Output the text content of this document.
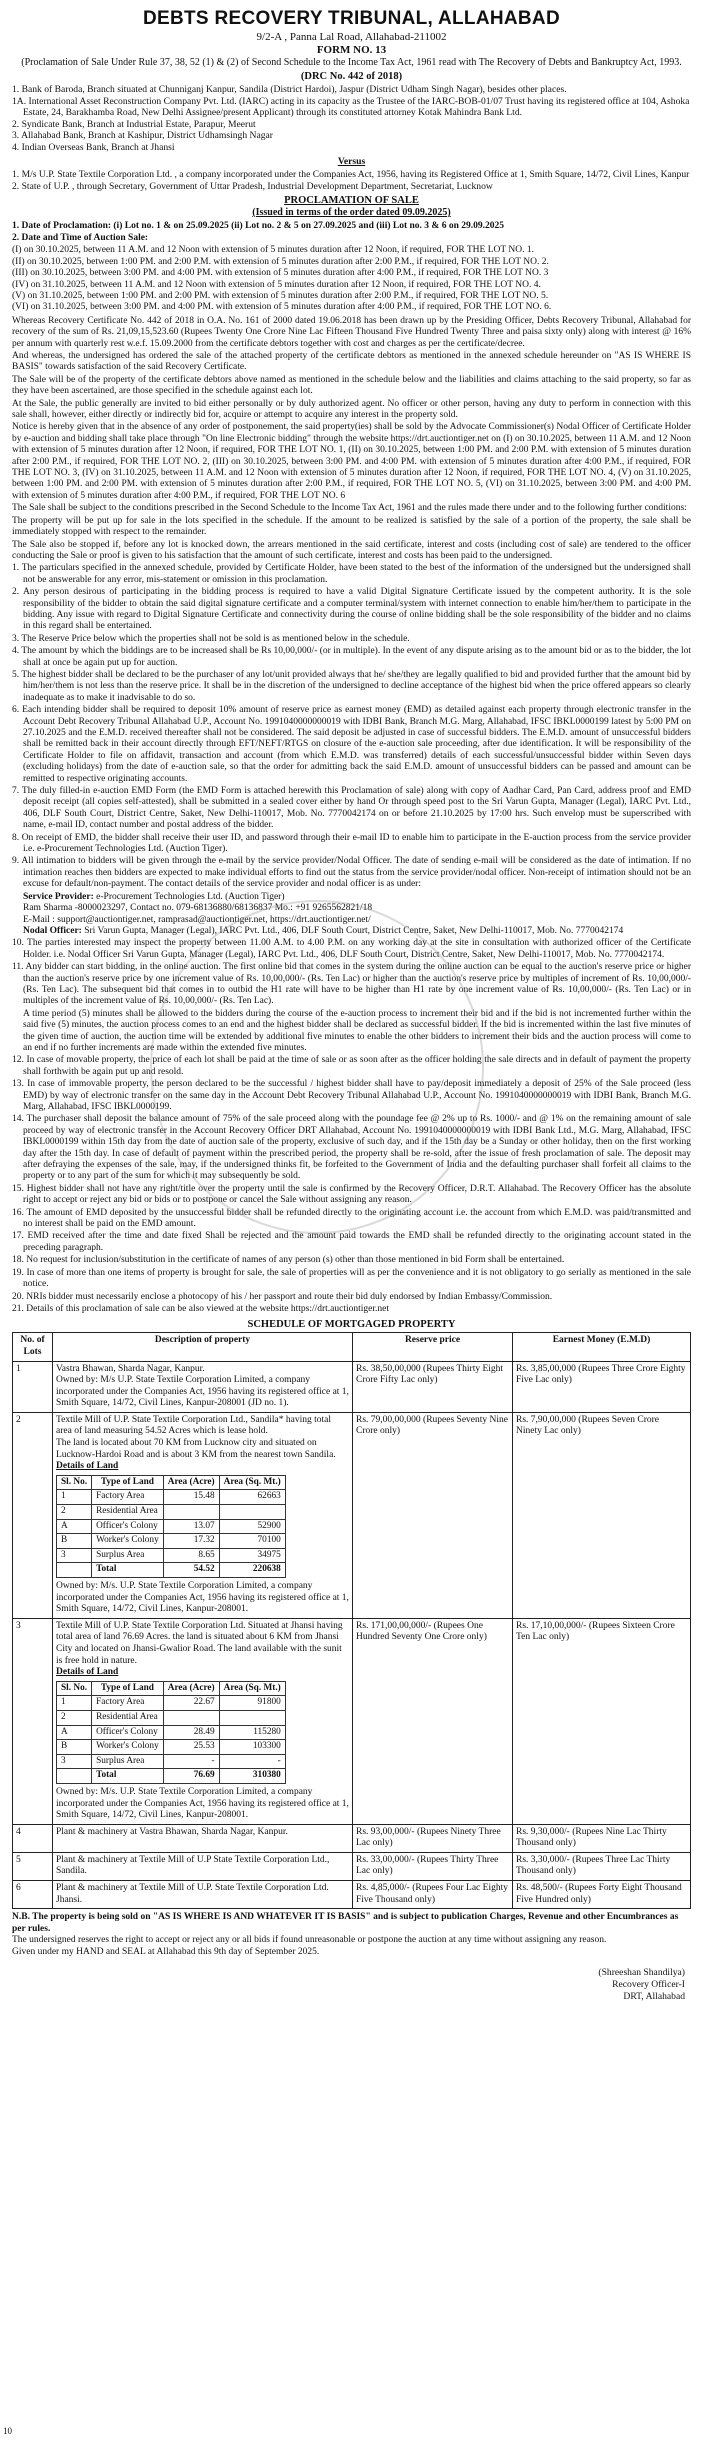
DEBTS RECOVERY TRIBUNAL, ALLAHABAD
9/2-A , Panna Lal Road, Allahabad-211002
FORM NO. 13
(Proclamation of Sale Under Rule 37, 38, 52 (1) & (2) of Second Schedule to the Income Tax Act, 1961 read with The Recovery of Debts and Bankruptcy Act, 1993.
(DRC No. 442 of 2018)

1. Bank of Baroda, Branch situated at Chunniganj Kanpur, Sandila (District Hardoi), Jaspur (District Udham Singh Nagar), besides other places.

1A. International Asset Reconstruction Company Pvt. Ltd. (IARC) acting in its capacity as the Trustee of the IARC-BOB-01/07 Trust having its registered office at 104, Ashoka Estate, 24, Barakhamba Road, New Delhi Assignee/present Applicant) through its constituted attorney Kotak Mahindra Bank Ltd.

2. Syndicate Bank, Branch at Industrial Estate, Parapur, Meerut

3. Allahabad Bank, Branch at Kashipur, District Udhamsingh Nagar

4. Indian Overseas Bank, Branch at Jhansi

Versus

1. M/s U.P. State Textile Corporation Ltd. , a company incorporated under the Companies Act, 1956, having its Registered Office at 1, Smith Square, 14/72, Civil Lines, Kanpur

2. State of U.P. , through Secretary, Government of Uttar Pradesh, Industrial Development Department, Secretariat, Lucknow

PROCLAMATION OF SALE

(Issued in terms of the order dated 09.09.2025)

1. Date of Proclamation: (i) Lot no. 1 & on 25.09.2025 (ii) Lot no. 2 & 5 on 27.09.2025 and (iii) Lot no. 3 & 6 on 29.09.2025

2. Date and Time of Auction Sale:

(I) on 30.10.2025, between 11 A.M. and 12 Noon with extension of 5 minutes duration after 12 Noon, if required, FOR THE LOT NO. 1.

(II) on 30.10.2025, between 1:00 PM. and 2:00 P.M. with extension of 5 minutes duration after 2:00 P.M., if required, FOR THE LOT NO. 2.

(III) on 30.10.2025, between 3:00 PM. and 4:00 PM. with extension of 5 minutes duration after 4:00 P.M., if required, FOR THE LOT NO. 3

(IV) on 31.10.2025, between 11 A.M. and 12 Noon with extension of 5 minutes duration after 12 Noon, if required, FOR THE LOT NO. 4.

(V) on 31.10.2025, between 1:00 PM. and 2:00 PM. with extension of 5 minutes duration after 2:00 P.M., if required, FOR THE LOT NO. 5.

(VI) on 31.10.2025, between 3:00 PM. and 4:00 PM. with extension of 5 minutes duration after 4:00 P.M., if required, FOR THE LOT NO. 6.

Whereas Recovery Certificate No. 442 of 2018 in O.A. No. 161 of 2000 dated 19.06.2018 has been drawn up by the Presiding Officer, Debts Recovery Tribunal, Allahabad for recovery of the sum of Rs. 21,09,15,523.60 (Rupees Twenty One Crore Nine Lac Fifteen Thousand Five Hundred Twenty Three and paisa sixty only) along with interest @ 16% per annum with quarterly rest w.e.f. 15.09.2000 from the certificate debtors together with cost and charges as per the certificate/decree.

And whereas, the undersigned has ordered the sale of the attached property of the certificate debtors as mentioned in the annexed schedule hereunder on "AS IS WHERE IS BASIS" towards satisfaction of the said Recovery Certificate.

The Sale will be of the property of the certificate debtors above named as mentioned in the schedule below and the liabilities and claims attaching to the said property, so far as they have been ascertained, are those specified in the schedule against each lot.

At the Sale, the public generally are invited to bid either personally or by duly authorized agent. No officer or other person, having any duty to perform in connection with this sale shall, however, either directly or indirectly bid for, acquire or attempt to acquire any interest in the property sold.

Notice is hereby given that in the absence of any order of postponement, the said property(ies) shall be sold by the Advocate Commissioner(s) Nodal Officer of Certificate Holder by e-auction and bidding shall take place through "On line Electronic bidding" through the website https://drt.auctiontiger.net on (I) on 30.10.2025, between 11 A.M. and 12 Noon with extension of 5 minutes duration after 12 Noon, if required, FOR THE LOT NO. 1, (II) on 30.10.2025, between 1:00 PM. and 2:00 P.M. with extension of 5 minutes duration after 2:00 P.M., if required, FOR THE LOT NO. 2, (III) on 30.10.2025, between 3:00 PM. and 4:00 PM. with extension of 5 minutes duration after 4:00 P.M., if required, FOR THE LOT NO. 3, (IV) on 31.10.2025, between 11 A.M. and 12 Noon with extension of 5 minutes duration after 12 Noon, if required, FOR THE LOT NO. 4, (V) on 31.10.2025, between 1:00 PM. and 2:00 PM. with extension of 5 minutes duration after 2:00 P.M., if required, FOR THE LOT NO. 5, (VI) on 31.10.2025, between 3:00 PM. and 4:00 PM. with extension of 5 minutes duration after 4:00 P.M., if required, FOR THE LOT NO. 6

The Sale shall be subject to the conditions prescribed in the Second Schedule to the Income Tax Act, 1961 and the rules made there under and to the following further conditions:

The property will be put up for sale in the lots specified in the schedule. If the amount to be realized is satisfied by the sale of a portion of the property, the sale shall be immediately stopped with respect to the remainder.

The Sale also be stopped if, before any lot is knocked down, the arrears mentioned in the said certificate, interest and costs (including cost of sale) are tendered to the officer conducting the Sale or proof is given to his satisfaction that the amount of such certificate, interest and costs has been paid to the undersigned.

1. The particulars specified in the annexed schedule, provided by Certificate Holder, have been stated to the best of the information of the undersigned but the undersigned shall not be answerable for any error, mis-statement or omission in this proclamation.

2. Any person desirous of participating in the bidding process is required to have a valid Digital Signature Certificate issued by the competent authority. It is the sole responsibility of the bidder to obtain the said digital signature certificate and a computer terminal/system with internet connection to enable him/her/them to participate in the bidding. Any issue with regard to Digital Signature Certificate and connectivity during the course of online bidding shall be the sole responsibility of the bidder and no claims in this regard shall be entertained.

3. The Reserve Price below which the properties shall not be sold is as mentioned below in the schedule.

4. The amount by which the biddings are to be increased shall be Rs 10,00,000/- (or in multiple). In the event of any dispute arising as to the amount bid or as to the bidder, the lot shall at once be again put up for auction.

5. The highest bidder shall be declared to be the purchaser of any lot/unit provided always that he/ she/they are legally qualified to bid and provided further that the amount bid by him/her/them is not less than the reserve price. It shall be in the discretion of the undersigned to decline acceptance of the highest bid when the price offered appears so clearly inadequate as to make it inadvisable to do so.

6. Each intending bidder shall be required to deposit 10% amount of reserve price as earnest money (EMD) as detailed against each property through electronic transfer in the Account Debt Recovery Tribunal Allahabad U.P., Account No. 1991040000000019 with IDBI Bank, Branch M.G. Marg, Allahabad, IFSC IBKL0000199 latest by 5:00 PM on 27.10.2025 and the E.M.D. received thereafter shall not be considered. The said deposit be adjusted in case of successful bidders. The E.M.D. amount of unsuccessful bidders shall be remitted back in their account directly through EFT/NEFT/RTGS on closure of the e-auction sale proceeding, after due identification. It will be responsibility of the Certificate Holder to file on affidavit, transaction and account (from which E.M.D. was transferred) details of each successful/unsuccessful bidder within Seven days (excluding holidays) from the date of e-auction sale, so that the order for admitting back the said E.M.D. amount of unsuccessful bidders can be passed and amount can be remitted to respective originating accounts.

7. The duly filled-in e-auction EMD Form (the EMD Form is attached herewith this Proclamation of sale) along with copy of Aadhar Card, Pan Card, address proof and EMD deposit receipt (all copies self-attested), shall be submitted in a sealed cover either by hand Or through speed post to the Sri Varun Gupta, Manager (Legal), IARC Pvt. Ltd., 406, DLF South Court, District Centre, Saket, New Delhi-110017, Mob. No. 7770042174 on or before 21.10.2025 by 17:00 hrs. Such envelop must be superscribed with name, e-mail ID, contact number and postal address of the bidder.

8. On receipt of EMD, the bidder shall receive their user ID, and password through their e-mail ID to enable him to participate in the E-auction process from the service provider i.e. e-Procurement Technologies Ltd. (Auction Tiger).

9. All intimation to bidders will be given through the e-mail by the service provider/Nodal Officer. The date of sending e-mail will be considered as the date of intimation. If no intimation reaches then bidders are expected to make individual efforts to find out the status from the service provider/nodal officer. Non-receipt of intimation should not be an excuse for default/non-payment. The contact details of the service provider and nodal officer is as under:

Service Provider: e-Procurement Technologies Ltd. (Auction Tiger)

Ram Sharma -8000023297, Contact no. 079-68136880/68136837 Mo.: +91 9265562821/18

E-Mail : support@auctiontiger.net, ramprasad@auctiontiger.net, https://drt.auctiontiger.net/

Nodal Officer: Sri Varun Gupta, Manager (Legal), IARC Pvt. Ltd., 406, DLF South Court, District Centre, Saket, New Delhi-110017, Mob. No. 7770042174

10. The parties interested may inspect the property between 11.00 A.M. to 4.00 P.M. on any working day at the site in consultation with authorized officer of the Certificate Holder. i.e. Nodal Officer Sri Varun Gupta, Manager (Legal), IARC Pvt. Ltd., 406, DLF South Court, District Centre, Saket, New Delhi-110017, Mob. No. 7770042174.

11. Any bidder can start bidding, in the online auction. The first online bid that comes in the system during the online auction can be equal to the auction's reserve price or higher than the auction's reserve price by one increment value of Rs. 10,00,000/- (Rs. Ten Lac) or higher than the auction's reserve price by multiples of increment of Rs. 10,00,000/- (Rs. Ten Lac). The subsequent bid that comes in to outbid the H1 rate will have to be higher than H1 rate by one increment value of Rs. 10,00,000/- (Rs. Ten Lac) or in multiples of the increment value of Rs. 10,00,000/- (Rs. Ten Lac).

A time period (5) minutes shall be allowed to the bidders during the course of the e-auction process to increment their bid and if the bid is not incremented further within the said five (5) minutes, the auction process comes to an end and the highest bidder shall be declared as successful bidder. If the bid is incremented within the last five minutes of the given time of auction, the auction time will be extended by additional five minutes to enable the other bidders to increment their bids and the auction process will come to an end if no further increments are made within the extended five minutes.

12. In case of movable property, the price of each lot shall be paid at the time of sale or as soon after as the officer holding the sale directs and in default of payment the property shall forthwith be again put up and resold.

13. In case of immovable property, the person declared to be the successful / highest bidder shall have to pay/deposit immediately a deposit of 25% of the Sale proceed (less EMD) by way of electronic transfer on the same day in the Account Debt Recovery Tribunal Allahabad U.P., Account No. 1991040000000019 with IDBI Bank, Branch M.G. Marg, Allahabad, IFSC IBKL0000199.

14. The purchaser shall deposit the balance amount of 75% of the sale proceed along with the poundage fee @ 2% up to Rs. 1000/- and @ 1% on the remaining amount of sale proceed by way of electronic transfer in the Account Recovery Officer DRT Allahabad, Account No. 1991040000000019 with IDBI Bank Ltd., M.G. Marg, Allahabad, IFSC IBKL0000199 within 15th day from the date of auction sale of the property, exclusive of such day, and if the 15th day be a Sunday or other holiday, then on the first working day after the 15th day. In case of default of payment within the prescribed period, the property shall be re-sold, after the issue of fresh proclamation of sale. The deposit may after defraying the expenses of the sale, may, if the undersigned thinks fit, be forfeited to the Government of India and the defaulting purchaser shall forfeit all claims to the property or to any part of the sum for which it may subsequently be sold.

15. Highest bidder shall not have any right/title over the property until the sale is confirmed by the Recovery Officer, D.R.T. Allahabad. The Recovery Officer has the absolute right to accept or reject any bid or bids or to postpone or cancel the Sale without assigning any reason.

16. The amount of EMD deposited by the unsuccessful bidder shall be refunded directly to the originating account i.e. the account from which E.M.D. was paid/transmitted and no interest shall be paid on the EMD amount.

17. EMD received after the time and date fixed Shall be rejected and the amount paid towards the EMD shall be refunded directly to the originating account stated in the preceding paragraph.

18. No request for inclusion/substitution in the certificate of names of any person (s) other than those mentioned in bid Form shall be entertained.

19. In case of more than one items of property is brought for sale, the sale of properties will as per the convenience and it is not obligatory to go serially as mentioned in the sale notice.

20. NRIs bidder must necessarily enclose a photocopy of his / her passport and route their bid duly endorsed by Indian Embassy/Commission.

21. Details of this proclamation of sale can be also viewed at the website https://drt.auctiontiger.net

SCHEDULE OF MORTGAGED PROPERTY
No. of Lots	Description of property	Reserve price	Earnest Money (E.M.D)
1	Vastra Bhawan, Sharda Nagar, Kanpur.
Owned by: M/s U.P. State Textile Corporation Limited, a company incorporated under the Companies Act, 1956 having its registered office at 1, Smith Square, 14/72, Civil Lines, Kanpur-208001 (JD no. 1).
	Rs. 38,50,00,000 (Rupees Thirty Eight Crore Fifty Lac only)	Rs. 3,85,00,000 (Rupees Three Crore Eighty Five Lac only)
2	Textile Mill of U.P. State Textile Corporation Ltd., Sandila* having total area of land measuring 54.52 Acres which is lease hold.
The land is located about 70 KM from Lucknow city and situated on Lucknow-Hardoi Road and is about 3 KM from the nearest town Sandila.
Details of Land
Sl. No.	Type of Land	Area (Acre)	Area (Sq. Mt.)
1	Factory Area	15.48	62663
2	Residential Area		
A	Officer's Colony	13.07	52900
B	Worker's Colony	17.32	70100
3	Surplus Area	8.65	34975
	Total	54.52	220638
Owned by: M/s. U.P. State Textile Corporation Limited, a company incorporated under the Companies Act, 1956 having its registered office at 1, Smith Square, 14/72, Civil Lines, Kanpur-208001.
	Rs. 79,00,00,000 (Rupees Seventy Nine Crore only)	Rs. 7,90,00,000 (Rupees Seven Crore Ninety Lac only)
3	Textile Mill of U.P. State Textile Corporation Ltd. Situated at Jhansi having total area of land 76.69 Acres. the land is situated about 6 KM from Jhansi City and located on Jhansi-Gwalior Road. The land available with the sunit is free hold in nature.
Details of Land
Sl. No.	Type of Land	Area (Acre)	Area (Sq. Mt.)
1	Factory Area	22.67	91800
2	Residential Area		
A	Officer's Colony	28.49	115280
B	Worker's Colony	25.53	103300
3	Surplus Area	-	-
	Total	76.69	310380
Owned by: M/s. U.P. State Textile Corporation Limited, a company incorporated under the Companies Act, 1956 having its registered office at 1, Smith Square, 14/72, Civil Lines, Kanpur-208001.
	Rs. 171,00,00,000/- (Rupees One Hundred Seventy One Crore only)	Rs. 17,10,00,000/- (Rupees Sixteen Crore Ten Lac only)
4	Plant & machinery at Vastra Bhawan, Sharda Nagar, Kanpur.	Rs. 93,00,000/- (Rupees Ninety Three Lac only)	Rs. 9,30,000/- (Rupees Nine Lac Thirty Thousand only)
5	Plant & machinery at Textile Mill of U.P State Textile Corporation Ltd., Sandila.	Rs. 33,00,000/- (Rupees Thirty Three Lac only)	Rs. 3,30,000/- (Rupees Three Lac Thirty Thousand only)
6	Plant & machinery at Textile Mill of U.P. State Textile Corporation Ltd. Jhansi.	Rs. 4,85,000/- (Rupees Four Lac Eighty Five Thousand only)	Rs. 48,500/- (Rupees Forty Eight Thousand Five Hundred only)
N.B. The property is being sold on "AS IS WHERE IS AND WHATEVER IT IS BASIS" and is subject to publication Charges, Revenue and other Encumbrances as per rules.
The undersigned reserves the right to accept or reject any or all bids if found unreasonable or postpone the auction at any time without assigning any reason.
Given under my HAND and SEAL at Allahabad this 9th day of September 2025.
(Shreeshan Shandilya)
Recovery Officer-I
DRT, Allahabad
10
